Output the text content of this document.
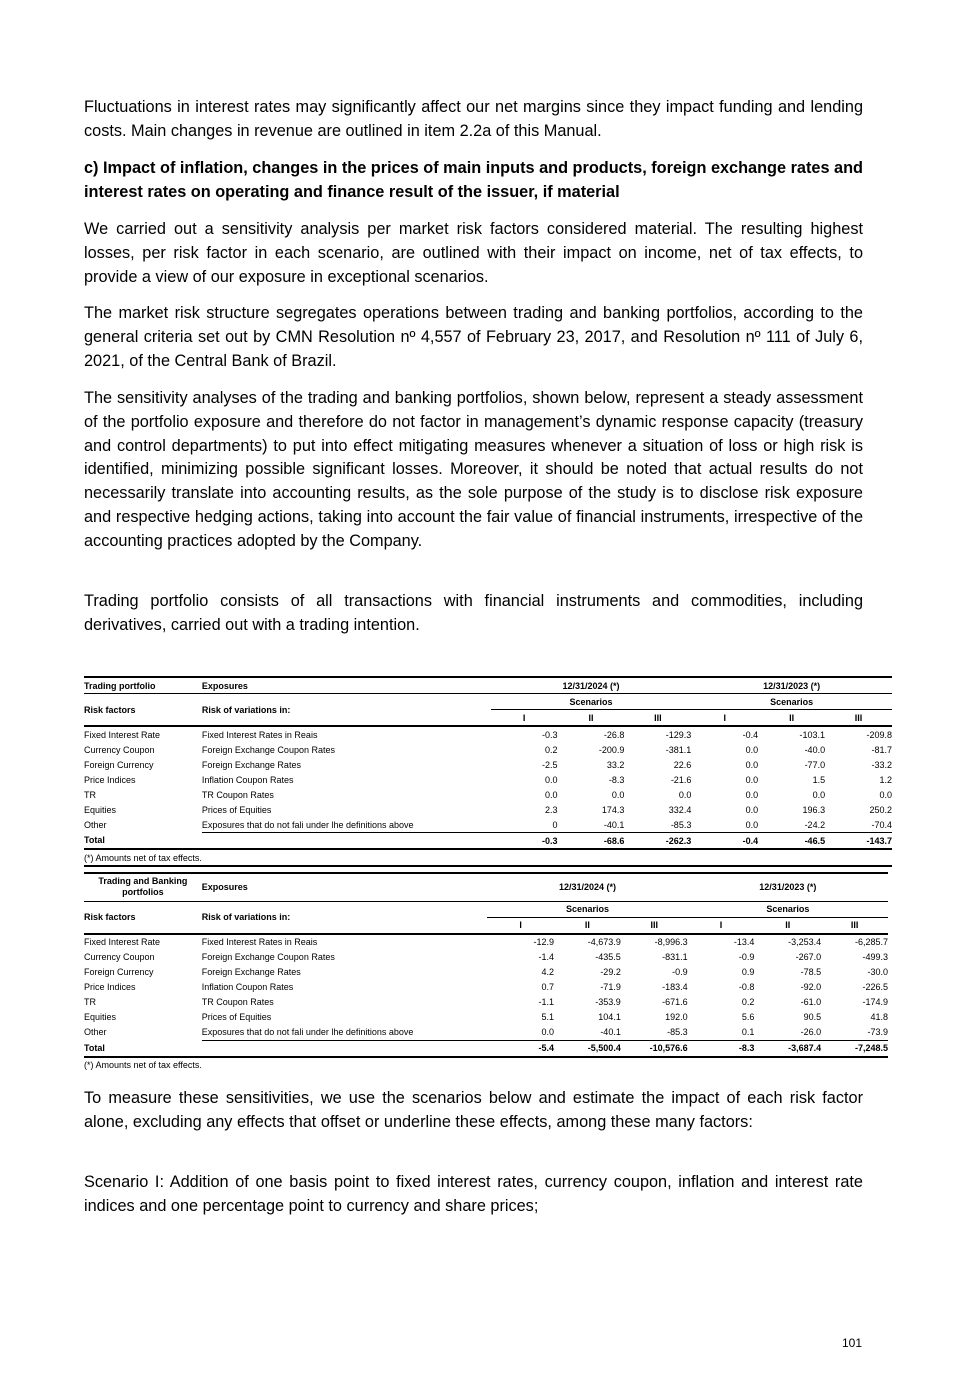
Fluctuations in interest rates may significantly affect our net margins since they impact funding and lending costs. Main changes in revenue are outlined in item 2.2a of this Manual.

c) Impact of inflation, changes in the prices of main inputs and products, foreign exchange rates and interest rates on operating and finance result of the issuer, if material

We carried out a sensitivity analysis per market risk factors considered material. The resulting highest losses, per risk factor in each scenario, are outlined with their impact on income, net of tax effects, to provide a view of our exposure in exceptional scenarios.

The market risk structure segregates operations between trading and banking portfolios, according to the general criteria set out by CMN Resolution nº 4,557 of February 23, 2017, and Resolution nº 111 of July 6, 2021, of the Central Bank of Brazil.

The sensitivity analyses of the trading and banking portfolios, shown below, represent a steady assessment of the portfolio exposure and therefore do not factor in management’s dynamic response capacity (treasury and control departments) to put into effect mitigating measures whenever a situation of loss or high risk is identified, minimizing possible significant losses. Moreover, it should be noted that actual results do not necessarily translate into accounting results, as the sole purpose of the study is to disclose risk exposure and respective hedging actions, taking into account the fair value of financial instruments, irrespective of the accounting practices adopted by the Company.

Trading portfolio consists of all transactions with financial instruments and commodities, including derivatives, carried out with a trading intention.

Trading portfolio	Exposures	12/31/2024 (*)			12/31/2023 (*)		
Risk factors	Risk of variations in:	Scenarios			Scenarios		
		I	II	III	I	II	III
Fixed Interest Rate	Fixed Interest Rates in Reais	-0.3	-26.8	-129.3	-0.4	-103.1	-209.8
Currency Coupon	Foreign Exchange Coupon Rates	0.2	-200.9	-381.1	0.0	-40.0	-81.7
Foreign Currency	Foreign Exchange Rates	-2.5	33.2	22.6	0.0	-77.0	-33.2
Price Indices	Inflation Coupon Rates	0.0	-8.3	-21.6	0.0	1.5	1.2
TR	TR Coupon Rates	0.0	0.0	0.0	0.0	0.0	0.0
Equities	Prices of Equities	2.3	174.3	332.4	0.0	196.3	250.2
Other	Exposures that do not fali under lhe definitions above	0	-40.1	-85.3	0.0	-24.2	-70.4
Total		-0.3	-68.6	-262.3	-0.4	-46.5	-143.7
(*) Amounts net of tax effects.							
Trading and Banking portfolios	Exposures	12/31/2024 (*)			12/31/2023 (*)		
Risk factors	Risk of variations in:	Scenarios			Scenarios		
		I	II	III	I	II	III
Fixed Interest Rate	Fixed Interest Rates in Reais	-12.9	-4,673.9	-8,996.3	-13.4	-3,253.4	-6,285.7
Currency Coupon	Foreign Exchange Coupon Rates	-1.4	-435.5	-831.1	-0.9	-267.0	-499.3
Foreign Currency	Foreign Exchange Rates	4.2	-29.2	-0.9	0.9	-78.5	-30.0
Price Indices	Inflation Coupon Rates	0.7	-71.9	-183.4	-0.8	-92.0	-226.5
TR	TR Coupon Rates	-1.1	-353.9	-671.6	0.2	-61.0	-174.9
Equities	Prices of Equities	5.1	104.1	192.0	5.6	90.5	41.8
Other	Exposures that do not fali under lhe definitions above	0.0	-40.1	-85.3	0.1	-26.0	-73.9
Total		-5.4	-5,500.4	-10,576.6	-8.3	-3,687.4	-7,248.5
(*) Amounts net of tax effects.							

To measure these sensitivities, we use the scenarios below and estimate the impact of each risk factor alone, excluding any effects that offset or underline these effects, among these many factors:

Scenario I: Addition of one basis point to fixed interest rates, currency coupon, inflation and interest rate indices and one percentage point to currency and share prices;

101
